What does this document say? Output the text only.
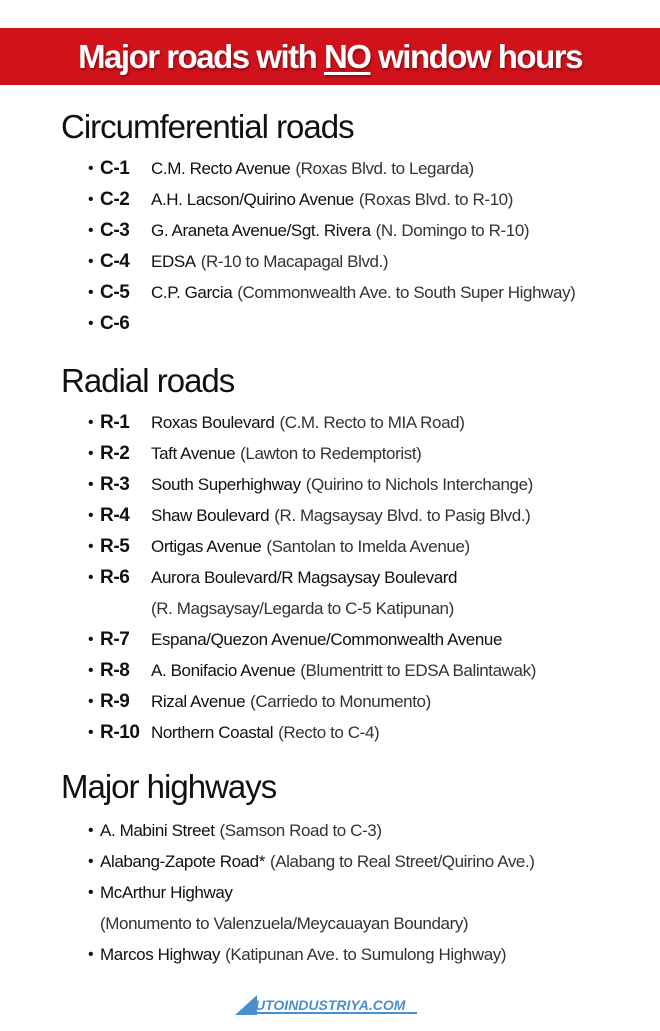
Major roads with NO window hours
Circumferential roads
• C-1	C.M. Recto Avenue (Roxas Blvd. to Legarda)
• C-2	A.H. Lacson/Quirino Avenue (Roxas Blvd. to R-10)
• C-3	G. Araneta Avenue/Sgt. Rivera (N. Domingo to R-10)
• C-4	EDSA (R-10 to Macapagal Blvd.)
• C-5	C.P. Garcia (Commonwealth Ave. to South Super Highway)
• C-6
Radial roads
• R-1	Roxas Boulevard (C.M. Recto to MIA Road)
• R-2	Taft Avenue (Lawton to Redemptorist)
• R-3	South Superhighway (Quirino to Nichols Interchange)
• R-4	Shaw Boulevard (R. Magsaysay Blvd. to Pasig Blvd.)
• R-5	Ortigas Avenue (Santolan to Imelda Avenue)
• R-6	Aurora Boulevard/R Magsaysay Boulevard
(R. Magsaysay/Legarda to C-5 Katipunan)
• R-7	Espana/Quezon Avenue/Commonwealth Avenue
• R-8	A. Bonifacio Avenue (Blumentritt to EDSA Balintawak)
• R-9	Rizal Avenue (Carriedo to Monumento)
• R-10 Northern Coastal (Recto to C-4)
Major highways
• A. Mabini Street (Samson Road to C-3)
• Alabang-Zapote Road* (Alabang to Real Street/Quirino Ave.)
• McArthur Highway
(Monumento to Valenzuela/Meycauayan Boundary)
• Marcos Highway (Katipunan Ave. to Sumulong Highway)
UTOINDUSTRIYA.COM
